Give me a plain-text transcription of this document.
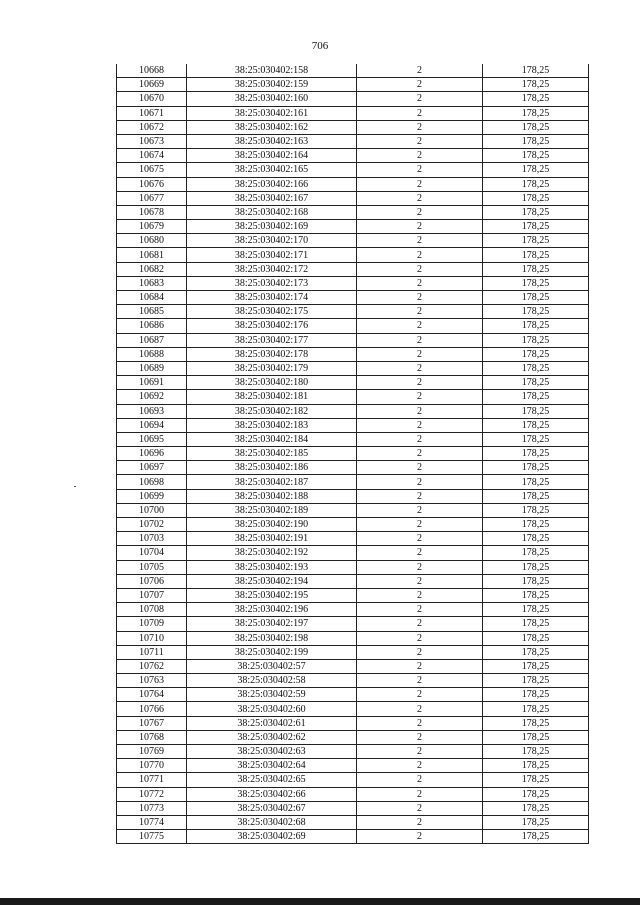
706
10668	38:25:030402:158	2	178,25
10669	38:25:030402:159	2	178,25
10670	38:25:030402:160	2	178,25
10671	38:25:030402:161	2	178,25
10672	38:25:030402:162	2	178,25
10673	38:25:030402:163	2	178,25
10674	38:25:030402:164	2	178,25
10675	38:25:030402:165	2	178,25
10676	38:25:030402:166	2	178,25
10677	38:25:030402:167	2	178,25
10678	38:25:030402:168	2	178,25
10679	38:25:030402:169	2	178,25
10680	38:25:030402:170	2	178,25
10681	38:25:030402:171	2	178,25
10682	38:25:030402:172	2	178,25
10683	38:25:030402:173	2	178,25
10684	38:25:030402:174	2	178,25
10685	38:25:030402:175	2	178,25
10686	38:25:030402:176	2	178,25
10687	38:25:030402:177	2	178,25
10688	38:25:030402:178	2	178,25
10689	38:25:030402:179	2	178,25
10691	38:25:030402:180	2	178,25
10692	38:25:030402:181	2	178,25
10693	38:25:030402:182	2	178,25
10694	38:25:030402:183	2	178,25
10695	38:25:030402:184	2	178,25
10696	38:25:030402:185	2	178,25
10697	38:25:030402:186	2	178,25
10698	38:25:030402:187	2	178,25
10699	38:25:030402:188	2	178,25
10700	38:25:030402:189	2	178,25
10702	38:25:030402:190	2	178,25
10703	38:25:030402:191	2	178,25
10704	38:25:030402:192	2	178,25
10705	38:25:030402:193	2	178,25
10706	38:25:030402:194	2	178,25
10707	38:25:030402:195	2	178,25
10708	38:25:030402:196	2	178,25
10709	38:25:030402:197	2	178,25
10710	38:25:030402:198	2	178,25
10711	38:25:030402:199	2	178,25
10762	38:25:030402:57	2	178,25
10763	38:25:030402:58	2	178,25
10764	38:25:030402:59	2	178,25
10766	38:25:030402:60	2	178,25
10767	38:25:030402:61	2	178,25
10768	38:25:030402:62	2	178,25
10769	38:25:030402:63	2	178,25
10770	38:25:030402:64	2	178,25
10771	38:25:030402:65	2	178,25
10772	38:25:030402:66	2	178,25
10773	38:25:030402:67	2	178,25
10774	38:25:030402:68	2	178,25
10775	38:25:030402:69	2	178,25
